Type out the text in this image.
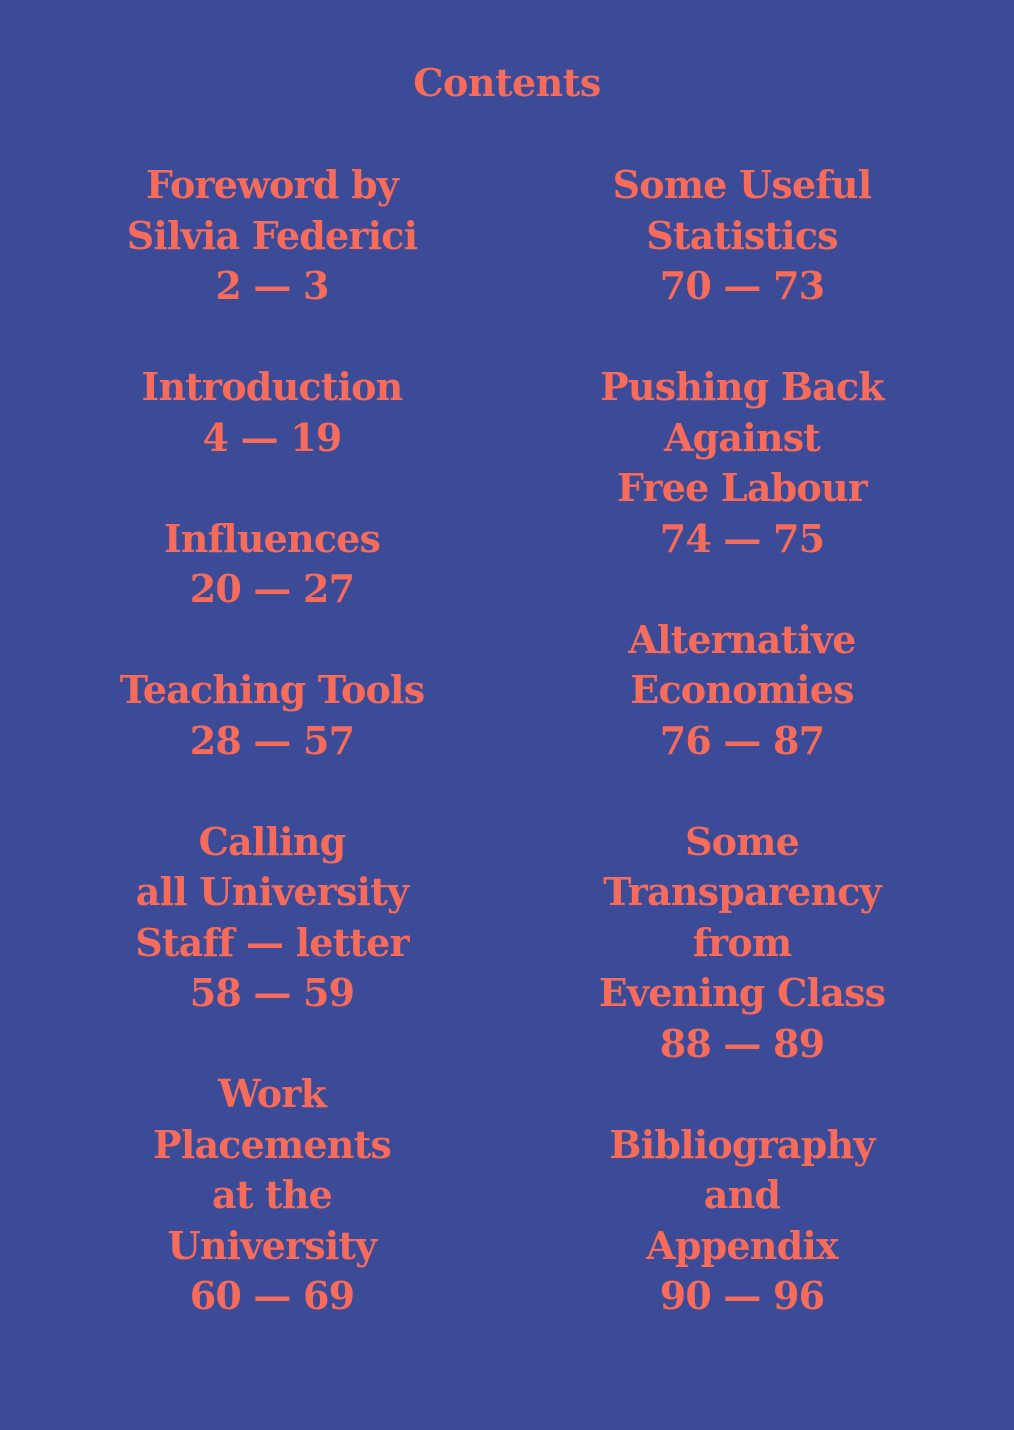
Contents
Foreword by
Silvia Federici
2 — 3
Introduction
4 — 19
Influences
20 — 27
Teaching Tools
28 — 57
Calling
all University
Staff — letter
58 — 59
Work
Placements
at the
University
60 — 69
Some Useful
Statistics
70 — 73
Pushing Back
Against
Free Labour
74 — 75
Alternative
Economies
76 — 87
Some
Transparency
from
Evening Class
88 — 89
Bibliography
and
Appendix
90 — 96
